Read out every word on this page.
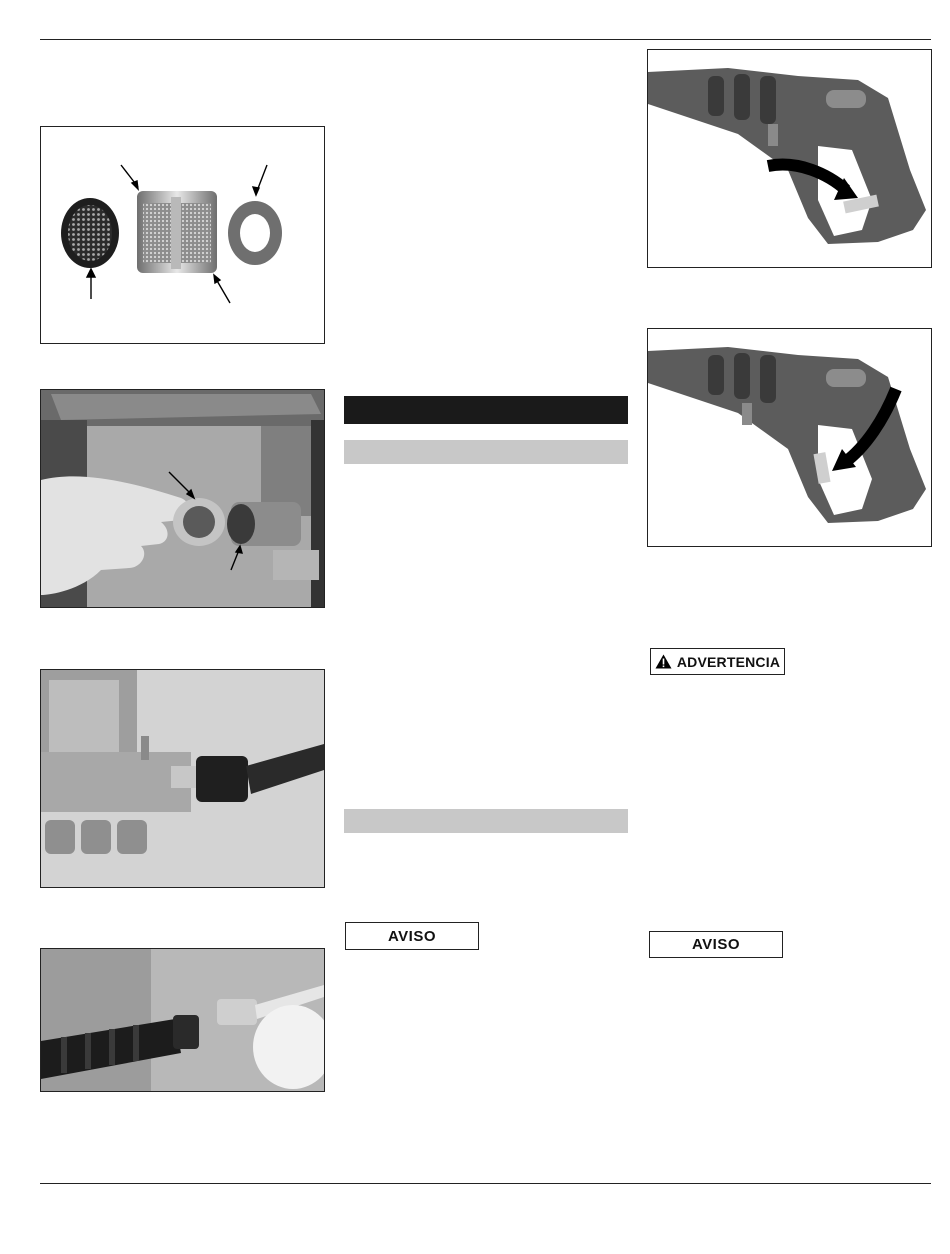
AVISO
ADVERTENCIA
AVISO
